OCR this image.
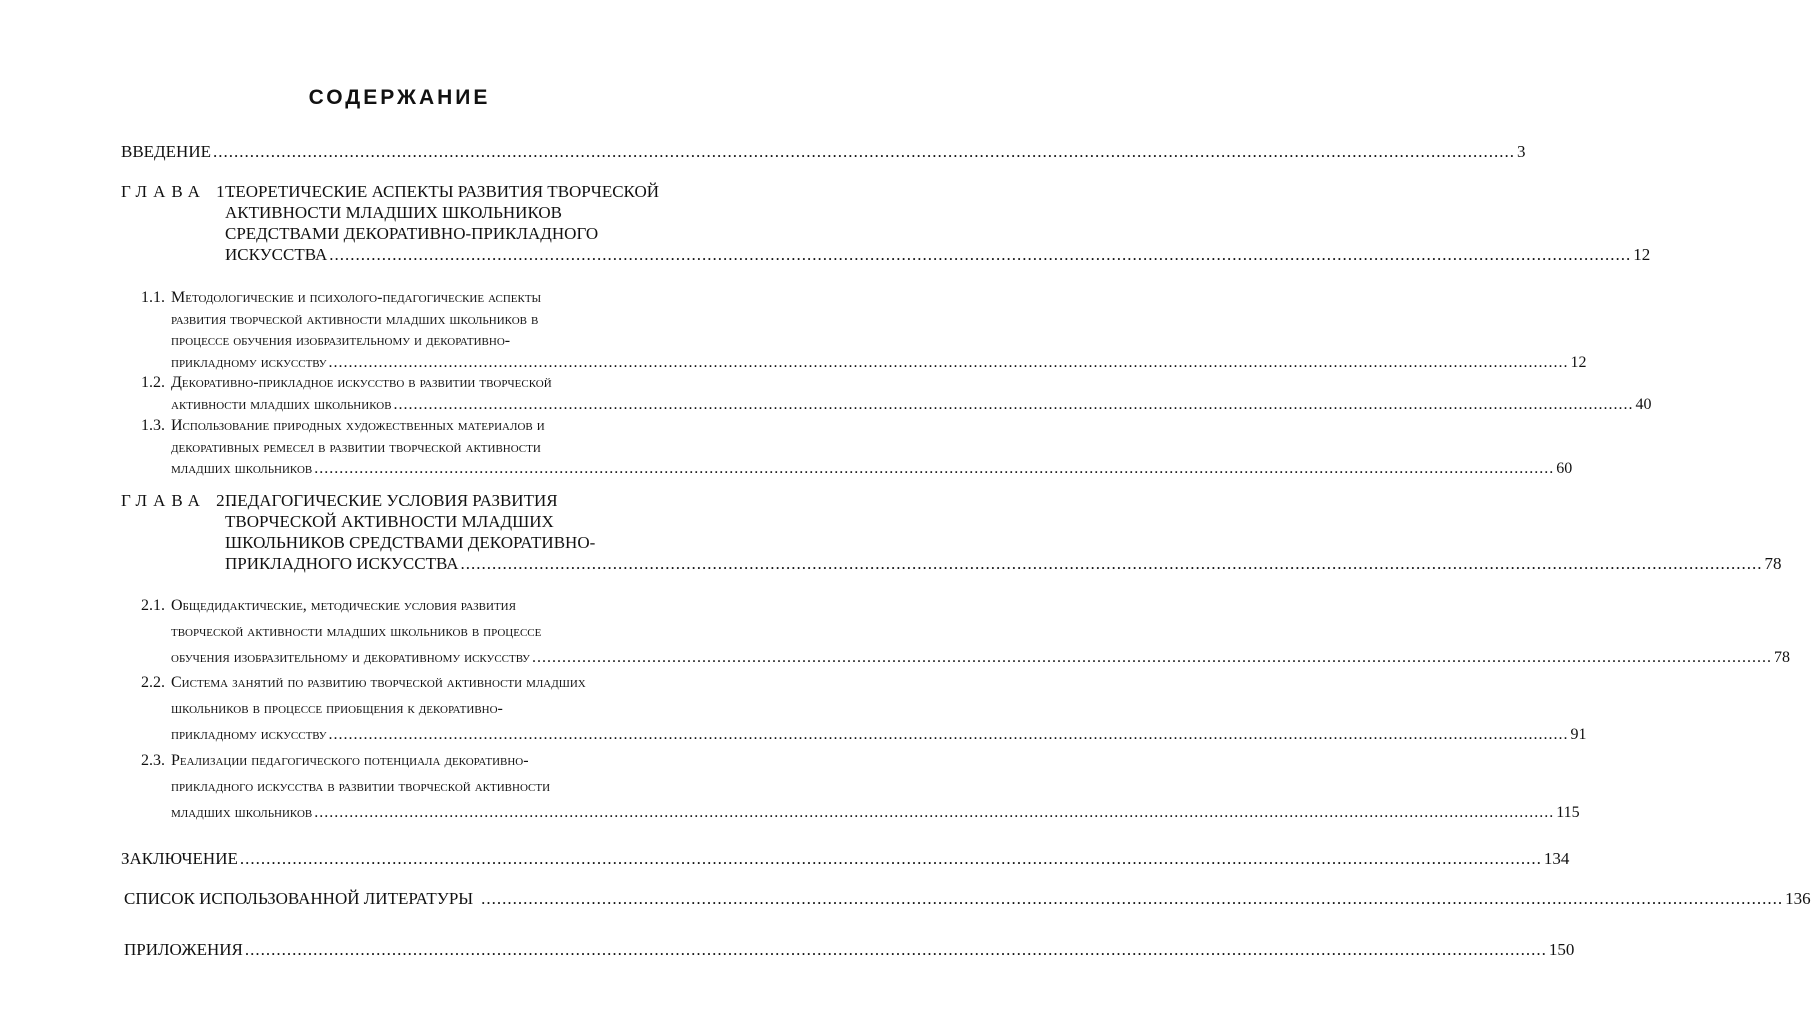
СОДЕРЖАНИЕ
ВВЕДЕНИЕ .....	3
ГЛАВА 1.
ТЕОРЕТИЧЕСКИЕ АСПЕКТЫ РАЗВИТИЯ ТВОРЧЕСКОЙ
АКТИВНОСТИ МЛАДШИХ ШКОЛЬНИКОВ
СРЕДСТВАМИ ДЕКОРАТИВНО-ПРИКЛАДНОГО
ИСКУССТВА .....	12
1.1. Методологические и психолого-педагогические аспекты
развития творческой активности младших школьников в
процессе обучения изобразительному и декоративно-
прикладному искусству .....	12
1.2. Декоративно-прикладное искусство в развитии творческой
активности младших школьников .....	40
1.3. Использование природных художественных материалов и
декоративных ремесел в развитии творческой активности
младших школьников .....	60
ГЛАВА 2.
ПЕДАГОГИЧЕСКИЕ УСЛОВИЯ РАЗВИТИЯ
ТВОРЧЕСКОЙ АКТИВНОСТИ МЛАДШИХ
ШКОЛЬНИКОВ СРЕДСТВАМИ ДЕКОРАТИВНО-
ПРИКЛАДНОГО ИСКУССТВА .....	78
2.1. Общедидактические, методические условия развития
творческой активности младших школьников в процессе
обучения изобразительному и декоративному искусству .....	78
2.2. Система занятий по развитию творческой активности младших
школьников в процессе приобщения к декоративно-
прикладному искусству .....	91
2.3. Реализации педагогического потенциала декоративно-
прикладного искусства в развитии творческой активности
младших школьников .....	115
ЗАКЛЮЧЕНИЕ .....	134
СПИСОК ИСПОЛЬЗОВАННОЙ ЛИТЕРАТУРЫ .....	136
ПРИЛОЖЕНИЯ .....	150
